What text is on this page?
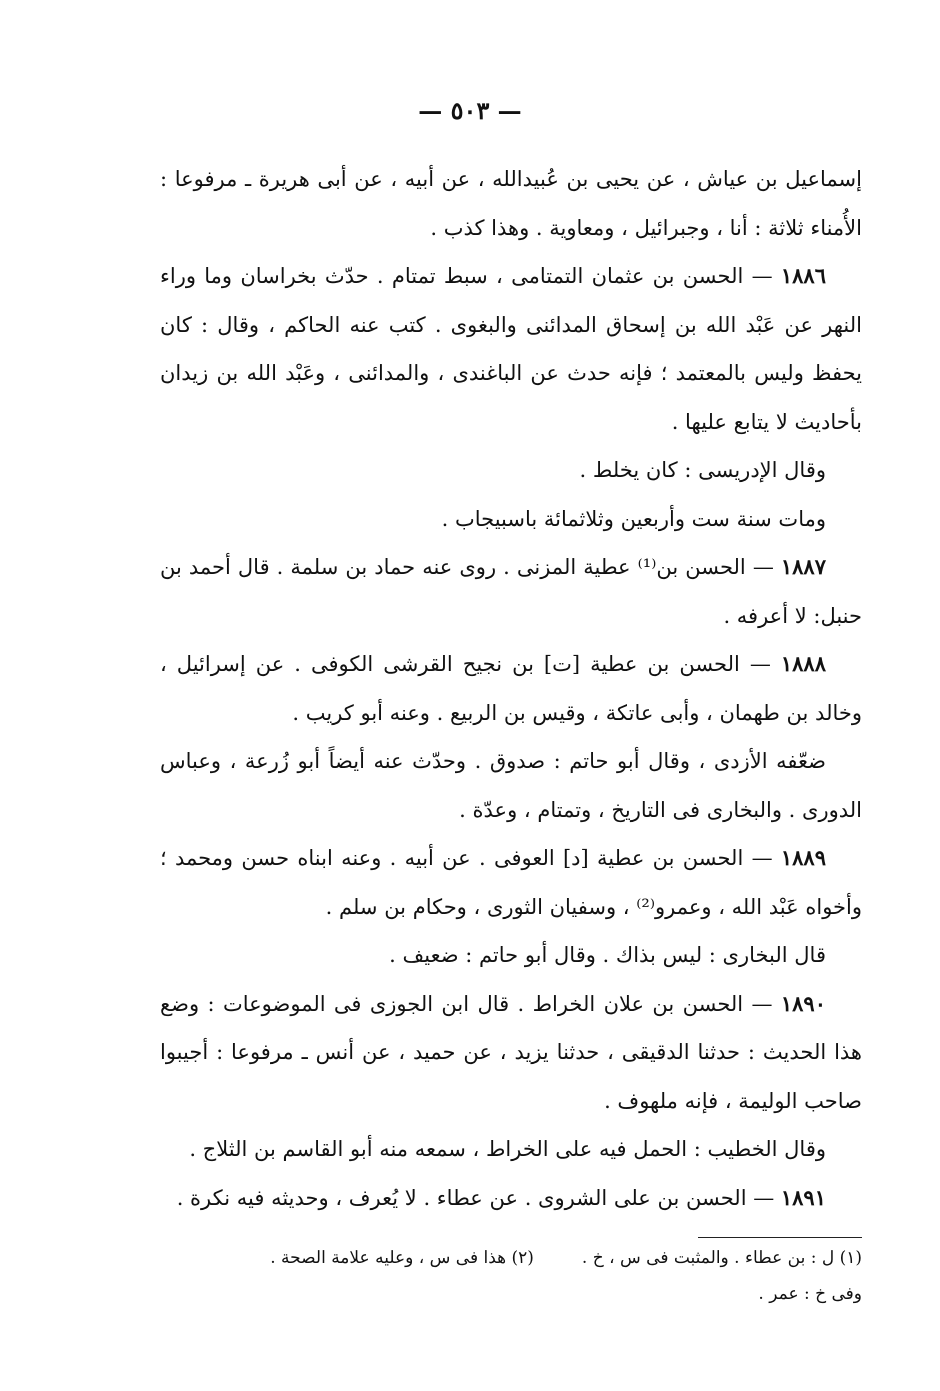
— ٥٠٣ —

إسماعيل بن عياش ، عن يحيى بن عُبيدالله ، عن أبيه ، عن أبى هريرة ـ مرفوعا : الأُمناء ثلاثة : أنا ، وجبرائيل ، ومعاوية . وهذا كذب .

١٨٨٦ — الحسن بن عثمان التمتامى ، سبط تمتام . حدّث بخراسان وما وراء النهر عن عَبْد الله بن إسحاق المدائنى والبغوى . كتب عنه الحاكم ، وقال : كان يحفظ وليس بالمعتمد ؛ فإنه حدث عن الباغندى ، والمدائنى ، وعَبْد الله بن زيدان بأحاديث لا يتابع عليها .

وقال الإدريسى : كان يخلط .

ومات سنة ست وأربعين وثلاثمائة باسبيجاب .

١٨٨٧ — الحسن بن⁽¹⁾ عطية المزنى . روى عنه حماد بن سلمة . قال أحمد بن حنبل: لا أعرفه .

١٨٨٨ — الحسن بن عطية [ت] بن نجيح القرشى الكوفى . عن إسرائيل ، وخالد بن طهمان ، وأبى عاتكة ، وقيس بن الربيع . وعنه أبو كريب .

ضعّفه الأزدى ، وقال أبو حاتم : صدوق . وحدّث عنه أيضاً أبو زُرعة ، وعباس الدورى . والبخارى فى التاريخ ، وتمتام ، وعدّة .

١٨٨٩ — الحسن بن عطية [د] العوفى . عن أبيه . وعنه ابناه حسن ومحمد ؛ وأخواه عَبْد الله ، وعمرو⁽²⁾ ، وسفيان الثورى ، وحكام بن سلم .

قال البخارى : ليس بذاك . وقال أبو حاتم : ضعيف .

١٨٩٠ — الحسن بن علان الخراط . قال ابن الجوزى فى الموضوعات : وضع هذا الحديث : حدثنا الدقيقى ، حدثنا يزيد ، عن حميد ، عن أنس ـ مرفوعا : أجيبوا صاحب الوليمة ، فإنه ملهوف .

وقال الخطيب : الحمل فيه على الخراط ، سمعه منه أبو القاسم بن الثلاج .

١٨٩١ — الحسن بن على الشروى . عن عطاء . لا يُعرف ، وحديثه فيه نكرة .

(١) ل : بن عطاء . والمثبت فى س ، خ .(٢) هذا فى س ، وعليه علامة الصحة .

وفى خ : عمر .
